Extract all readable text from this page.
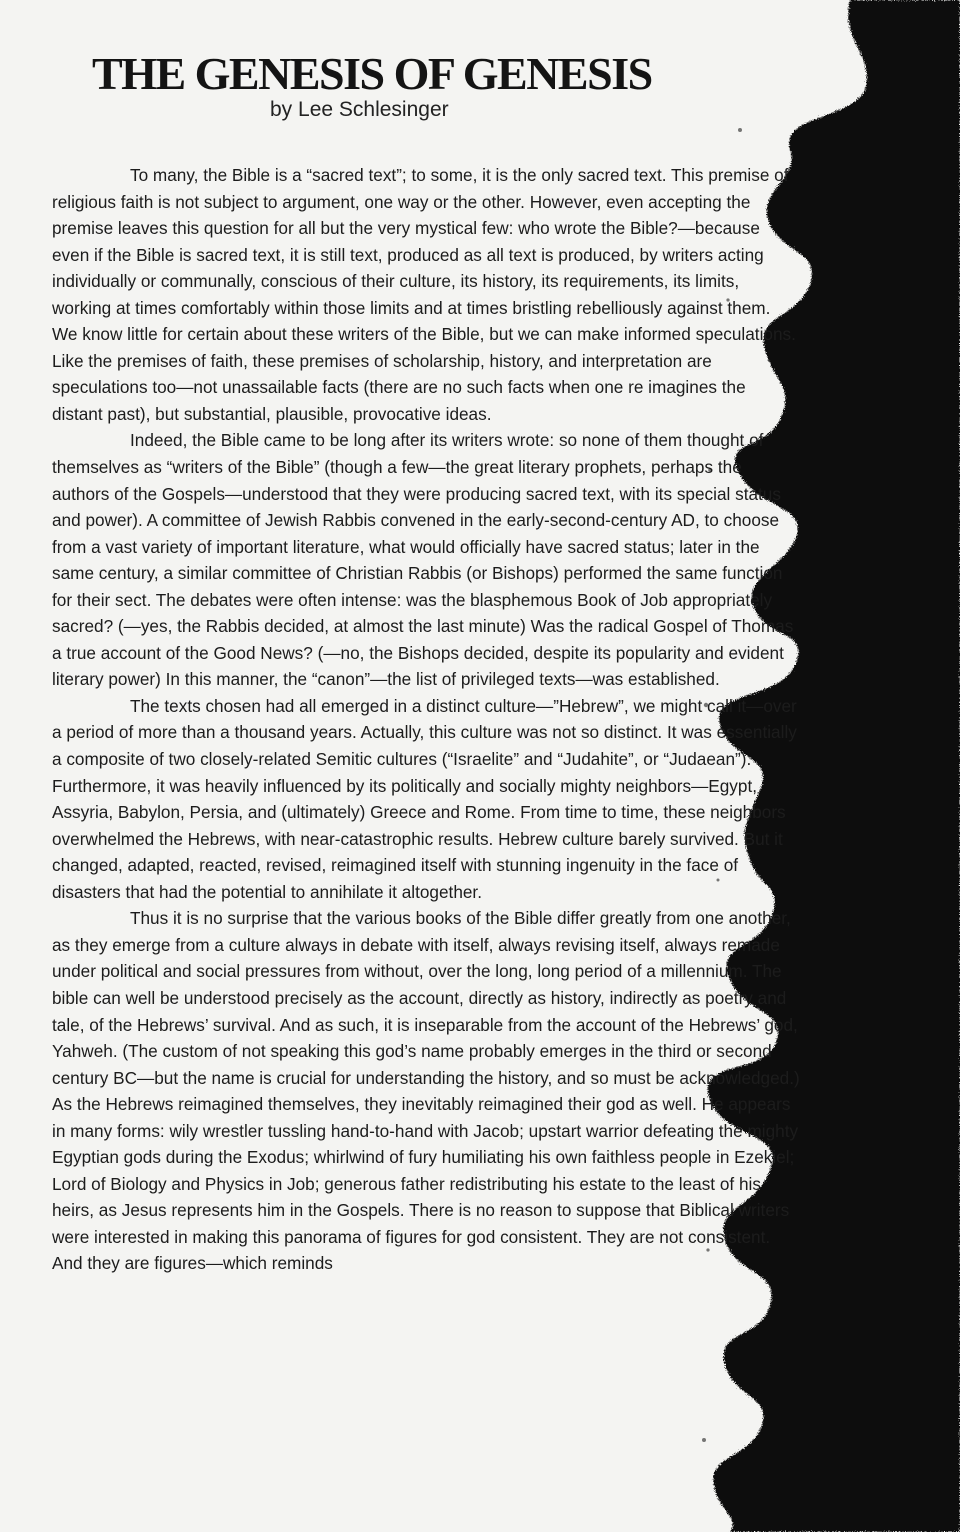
THE GENESIS OF GENESIS
by Lee Schlesinger

To many, the Bible is a “sacred text”; to some, it is the only sacred text. This premise of religious faith is not subject to argument, one way or the other. However, even accepting the premise leaves this question for all but the very mystical few: who wrote the Bible?—because even if the Bible is sacred text, it is still text, produced as all text is produced, by writers acting individually or communally, conscious of their culture, its history, its requirements, its limits, working at times comfortably within those limits and at times bristling rebelliously against them. We know little for certain about these writers of the Bible, but we can make informed speculations. Like the premises of faith, these premises of scholarship, history, and interpretation are speculations too—not unassailable facts (there are no such facts when one re imagines the distant past), but substantial, plausible, provocative ideas.

Indeed, the Bible came to be long after its writers wrote: so none of them thought of themselves as “writers of the Bible” (though a few—the great literary prophets, perhaps the authors of the Gospels—understood that they were producing sacred text, with its special status and power). A committee of Jewish Rabbis convened in the early-second-century AD, to choose from a vast variety of important literature, what would officially have sacred status; later in the same century, a similar committee of Christian Rabbis (or Bishops) performed the same function for their sect. The debates were often intense: was the blasphemous Book of Job appropriately sacred? (—yes, the Rabbis decided, at almost the last minute) Was the radical Gospel of Thomas a true account of the Good News? (—no, the Bishops decided, despite its popularity and evident literary power) In this manner, the “canon”—the list of privileged texts—was established.

The texts chosen had all emerged in a distinct culture—”Hebrew”, we might call it—over a period of more than a thousand years. Actually, this culture was not so distinct. It was essentially a composite of two closely-related Semitic cultures (“Israelite” and “Judahite”, or “Judaean”). Furthermore, it was heavily influenced by its politically and socially mighty neighbors—Egypt, Assyria, Babylon, Persia, and (ultimately) Greece and Rome. From time to time, these neighbors overwhelmed the Hebrews, with near-catastrophic results. Hebrew culture barely survived. But it changed, adapted, reacted, revised, reimagined itself with stunning ingenuity in the face of disasters that had the potential to annihilate it altogether.

Thus it is no surprise that the various books of the Bible differ greatly from one another, as they emerge from a culture always in debate with itself, always revising itself, always remade under political and social pressures from without, over the long, long period of a millennium. The bible can well be understood precisely as the account, directly as history, indirectly as poetry and tale, of the Hebrews’ survival. And as such, it is inseparable from the account of the Hebrews’ god, Yahweh. (The custom of not speaking this god’s name probably emerges in the third or second century BC—but the name is crucial for understanding the history, and so must be acknowledged.) As the Hebrews reimagined themselves, they inevitably reimagined their god as well. He appears in many forms: wily wrestler tussling hand-to-hand with Jacob; upstart warrior defeating the mighty Egyptian gods during the Exodus; whirlwind of fury humiliating his own faithless people in Ezekiel; Lord of Biology and Physics in Job; generous father redistributing his estate to the least of his heirs, as Jesus represents him in the Gospels. There is no reason to suppose that Biblical writers were interested in making this panorama of figures for god consistent. They are not consistent. And they are figures—which reminds
